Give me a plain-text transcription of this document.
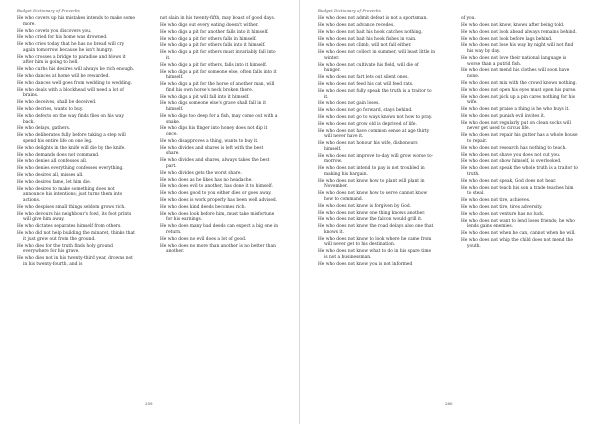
Budget Dictionary of Proverbs

He who covers up his mistakes intends to make some more.

He who covets you discovers you.

He who cried for his home was drowned.

He who cries today that he has no bread will cry again tomorrow because he isn't hungry.

He who crosses a bridge to paradise and blows it after him is going to hell.

He who curbs his desires will always be rich enough.

He who dances at home will be rewarded.

He who dances well goes from wedding to wedding.

He who deals with a blockhead will need a lot of brains.

He who deceives, shall be deceived.

He who decries, wants to buy.

He who defects on the way finds flies on his way back.

He who delays, gathers.

He who deliberates fully before taking a step will spend his entire life on one leg.

He who delights in the knife will die by the knife.

He who demands does not command.

He who denies all confesses all.

He who denies everything confesses everything.

He who desires all, misses all.

He who desires fame, let him die.

He who desires to make something does not announce his intentions; just turns them into actions.

He who despises small things seldom grows rich.

He who devours his neighbour's fowl, its foot prints will give him away.

He who dictates separates himself from others.

He who did not help building the minaret, thinks that it just grew out from the ground.

He who dies for the truth finds holy ground everywhere for his grave.

He who dies not in his twenty-third year, drowns not in his twenty-fourth, and is

not slain in his twenty-fifth, may boast of good days.

He who digs out every eating doesn't wither.

He who digs a pit for another falls into it himself.

He who digs a pit for others falls in himself.

He who digs a pit for others falls into it himself.

He who digs a pit for others must invariably fall into it.

He who digs a pit for others, falls into it himself.

He who digs a pit for someone else, often falls into it himself.

He who digs a pit for the horse of another man, will find his own horse's neck broken there.

He who digs a pit will fall into it himself.

He who digs someone else's grave shall fall in it himself.

He who digs too deep for a fish, may come out with a snake.

He who dips his finger into honey does not dip it once.

He who disapproves a thing, wants to buy it.

He who divides and shares is left with the best share.

He who divides and shares, always takes the best part.

He who divides gets the worst share.

He who does as he likes has no headache.

He who does evil to another, has done it to himself.

He who does good to you either dies or goes away.

He who does is work properly has been well advised.

He who does kind deeds becomes rich.

He who does look before him, must take misfortune for his earnings.

He who does many bad deeds can expect a big one in return.

He who does no evil does a lot of good.

He who does no more than another is no better than another.

259
Budget Dictionary of Proverbs

He who does not admit defeat is not a sportsman.

He who does not advance recedes.

He who does not bait his hook catches nothing.

He who does not bait his hook fishes in vain.

He who does not climb, will not fall either.

He who does not collect in summer, will least little in winter.

He who does not cultivate his field, will die of hunger.

He who does not fart lets out silent ones.

He who does not feed his cat will feed rats.

He who does not fully speak the truth is a traitor to it.

He who does not gain loses.

He who does not go forward, stays behind.

He who does not go to ways knows not how to pray.

He who does not grow old is deprived of life.

He who does not have common sense at age thirty will never have it.

He who does not honour his wife, dishonours himself.

He who does not improve to-day will grow worse to-morrow.

He who does not intend to pay is not troubled in making his bargain.

He who does not know how to plant will plant in November.

He who does not know how to serve cannot know how to command.

He who does not know is forgiven by God.

He who does not know one thing knows another.

He who does not know the falcon would grill it.

He who does not know the road delays also one that knows it.

He who does not know to look where he came from will never get to his destination.

He who does not know what to do in his spare time is not a businessman.

He who does not know you is not informed

of you.

He who does not know, knows after being told.

He who does not look ahead always remains behind.

He who does not look before lags behind.

He who does not lose his way by night will not find his way by day.

He who does not love their national language is worse than a putrid fish.

He who does not mend his clothes will soon have none.

He who does not mix with the crowd knows nothing.

He who does not open his eyes must open his purse.

He who does not pick up a pin cares nothing for his wife.

He who does not praise a thing is he who buys it.

He who does not punish evil invites it.

He who does not regularly put on clean socks will never get used to circus life.

He who does not repair his gutter has a whole house to repair.

He who does not research has nothing to teach.

He who does not shave you does not cut you.

He who does not show himself, is overlooked.

He who does not speak the whole truth is a traitor to truth.

He who does not speak, God does not hear.

He who does not teach his son a trade teaches him to steal.

He who does not tire, achieves.

He who does not tire, tires adversity.

He who does not venture has no luck.

He who does not want to lend loses friends; he who lends gains enemies.

He who does not when he can, cannot when he will.

He who does not whip the child does not mend the youth.

260
